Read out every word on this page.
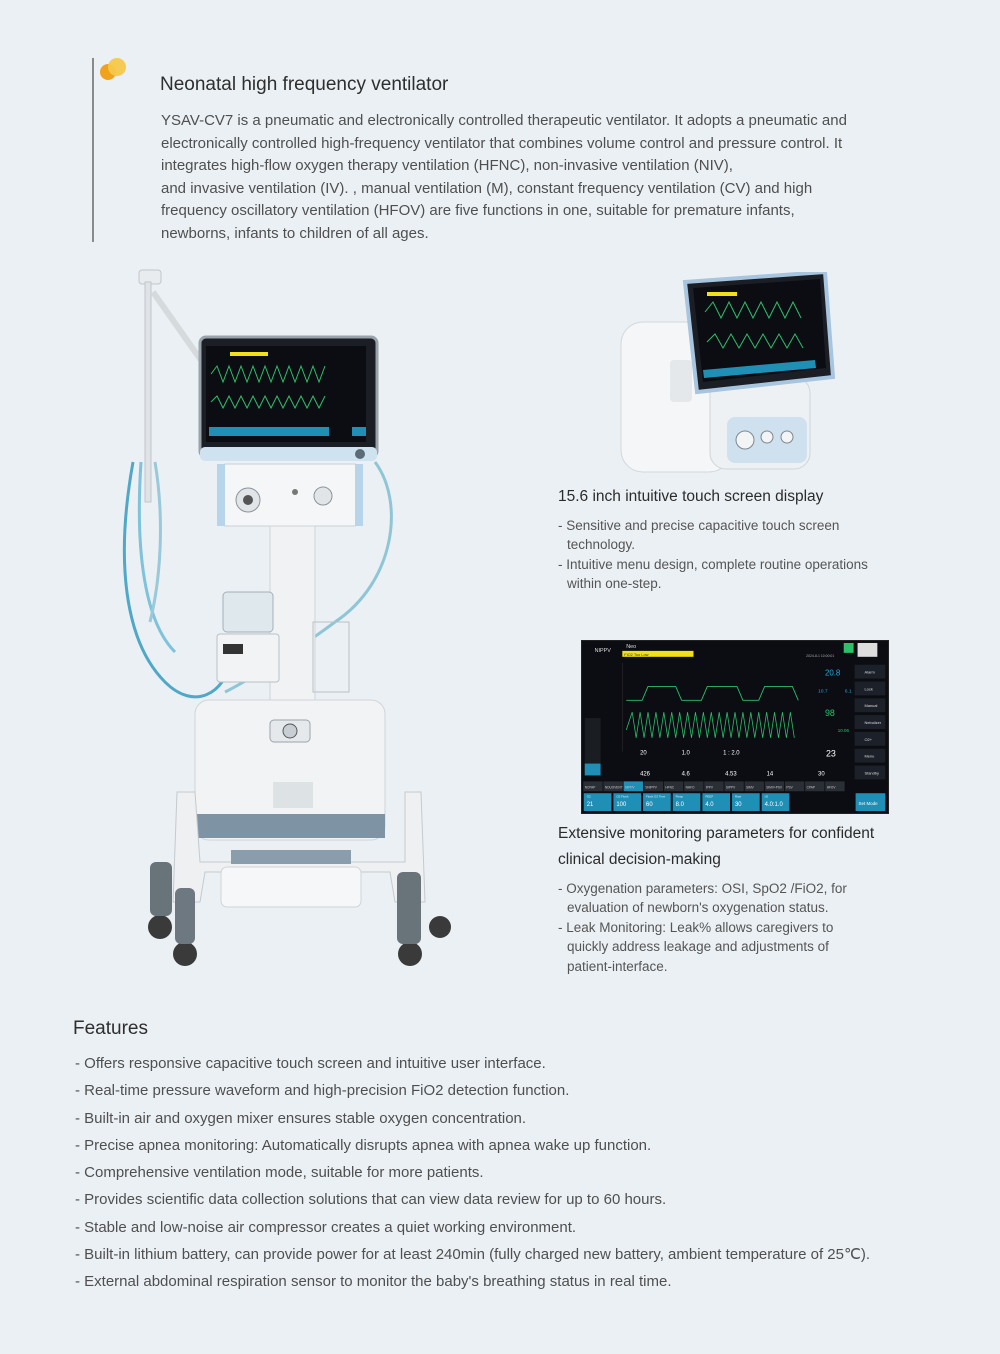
Neonatal high frequency ventilator
YSAV-CV7 is a pneumatic and electronically controlled therapeutic ventilator. It adopts a pneumatic and
electronically controlled high-frequency ventilator that combines volume control and pressure control. It
integrates high-flow oxygen therapy ventilation (HFNC), non-invasive ventilation (NIV),
and invasive ventilation (IV). , manual ventilation (M), constant frequency ventilation (CV) and high
frequency oscillatory ventilation (HFOV) are five functions in one, suitable for premature infants,
newborns, infants to children of all ages.
15.6 inch intuitive touch screen display
- Sensitive and precise capacitive touch screen technology.
- Intuitive menu design, complete routine operations within one-step.
NIPPV
Neo
FiO2 Too Low	2024-8-1 10:00:01
20.8
10.7	6.1
98
10.06
23
20	1.0	1 : 2.0
426	4.6	4.53	14	30
Alarm
Lock
Manual
Nebulizer
O2+
Menu
Standby
NCPAP	NDUOVENT NIPPV	SNIPPV	HFNC	NHFO	IPPV	SIPPV	SIMV	SIMV+PSV PSV	CPAP	HFOV
O2
21
O2 Flush
100
Flush O2 Time
60
Pinsp
8.0
PEEP
4.0
Rate
30
I:E
4.0:1.0	Set Mode
Extensive monitoring parameters for confident
clinical decision-making
- Oxygenation parameters: OSI, SpO2 /FiO2, for evaluation of newborn's oxygenation status.
- Leak Monitoring: Leak% allows caregivers to quickly address leakage and adjustments of patient-interface.
Features
- Offers responsive capacitive touch screen and intuitive user interface.
- Real-time pressure waveform and high-precision FiO2 detection function.
- Built-in air and oxygen mixer ensures stable oxygen concentration.
- Precise apnea monitoring: Automatically disrupts apnea with apnea wake up function.
- Comprehensive ventilation mode, suitable for more patients.
- Provides scientific data collection solutions that can view data review for up to 60 hours.
- Stable and low-noise air compressor creates a quiet working environment.
- Built-in lithium battery, can provide power for at least 240min (fully charged new battery, ambient temperature of 25℃).
- External abdominal respiration sensor to monitor the baby's breathing status in real time.
